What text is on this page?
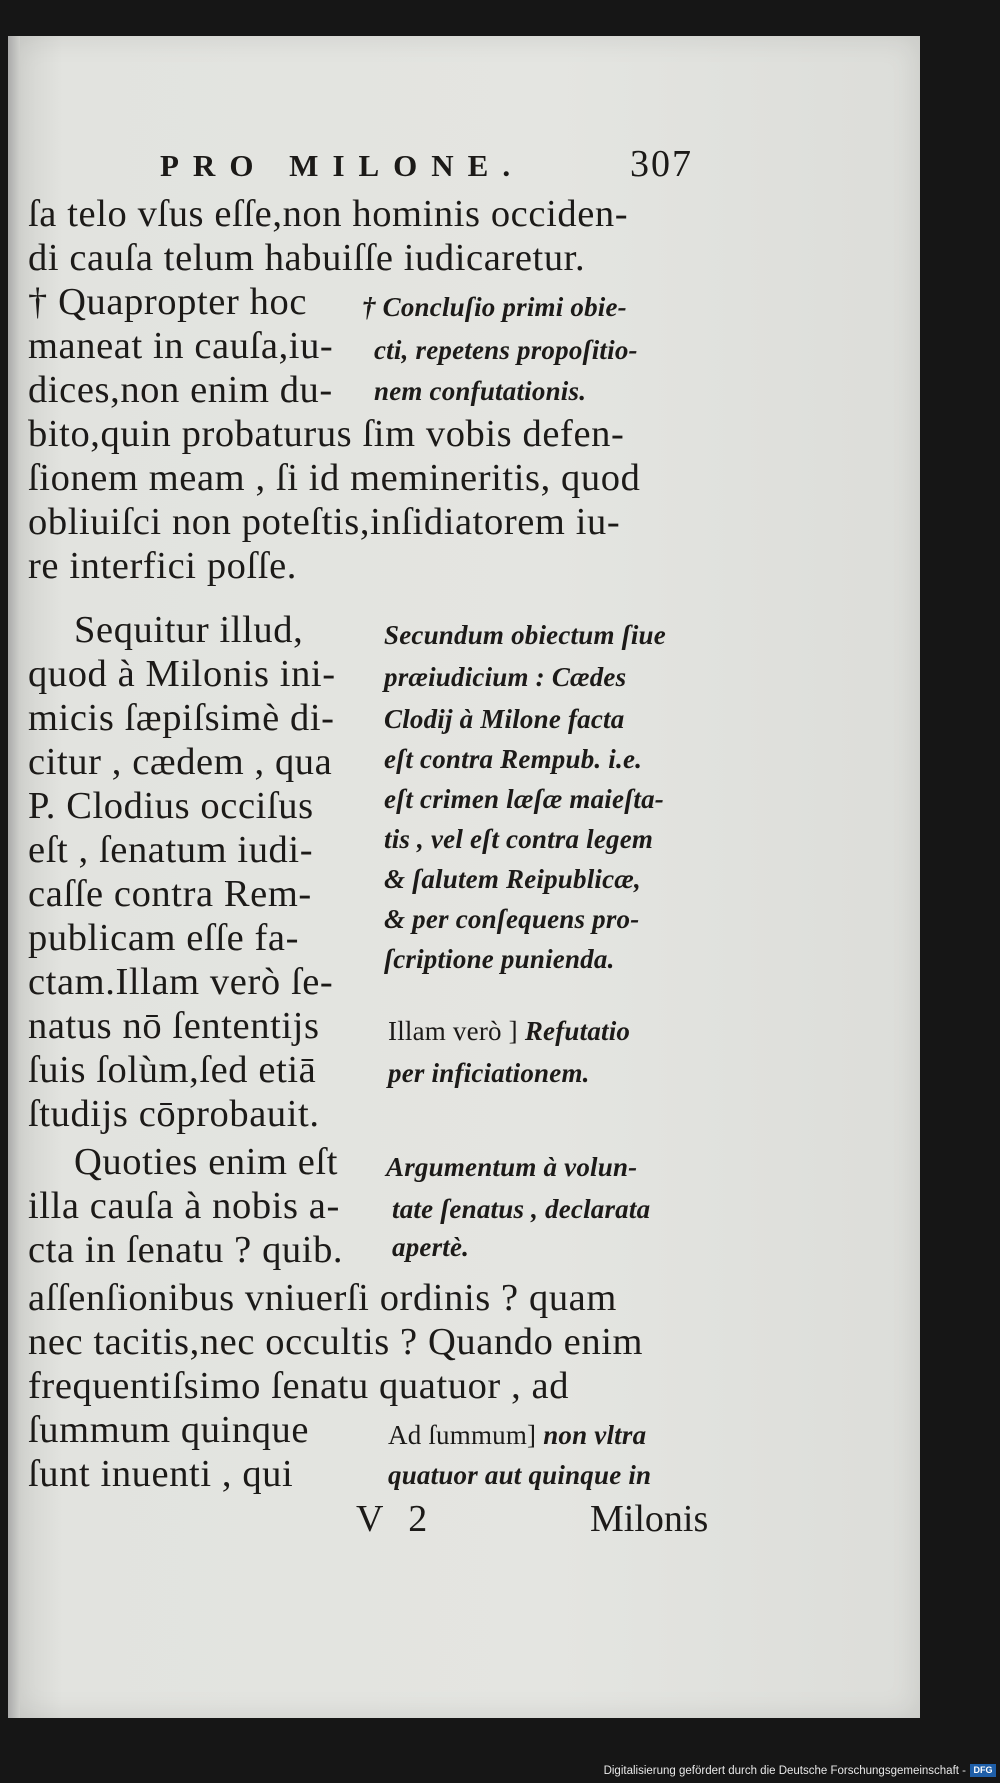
PRO MILONE.	307
V 2	Milonis
Digitalisierung gefördert durch die Deutsche Forschungsgemeinschaft - DFG
ſa telo vſus eſſe,non hominis occiden-
di cauſa telum habuiſſe iudicaretur.
† Quapropter hoc
maneat in cauſa,iu-
dices,non enim du-
bito,quin probaturus ſim vobis defen-
ſionem meam , ſi id memineritis, quod
obliuiſci non poteſtis,inſidiatorem iu-
re interfici poſſe.
Sequitur illud,
quod à Milonis ini-
micis ſæpiſsimè di-
citur , cædem , qua
P. Clodius occiſus
eſt , ſenatum iudi-
caſſe contra Rem-
publicam eſſe fa-
ctam.Illam verò ſe-
natus nō ſententijs
ſuis ſolùm,ſed etiā
ſtudijs cōprobauit.
Quoties enim eſt
illa cauſa à nobis a-
cta in ſenatu ? quib.
aſſenſionibus vniuerſi ordinis ? quam
nec tacitis,nec occultis ? Quando enim
frequentiſsimo ſenatu quatuor , ad
ſummum quinque
ſunt inuenti , qui
† Concluſio primi obie-
cti, repetens propoſitio-
nem confutationis.
Secundum obiectum ſiue
præiudicium : Cædes
Clodij à Milone facta
eſt contra Rempub. i.e.
eſt crimen læſæ maieſta-
tis , vel eſt contra legem
& ſalutem Reipublicæ,
& per conſequens pro-
ſcriptione punienda.
Argumentum à volun-
tate ſenatus , declarata
apertè.
Illam verò ] Refutatio
per inficiationem.
Ad ſummum] non vltra
quatuor aut quinque in
